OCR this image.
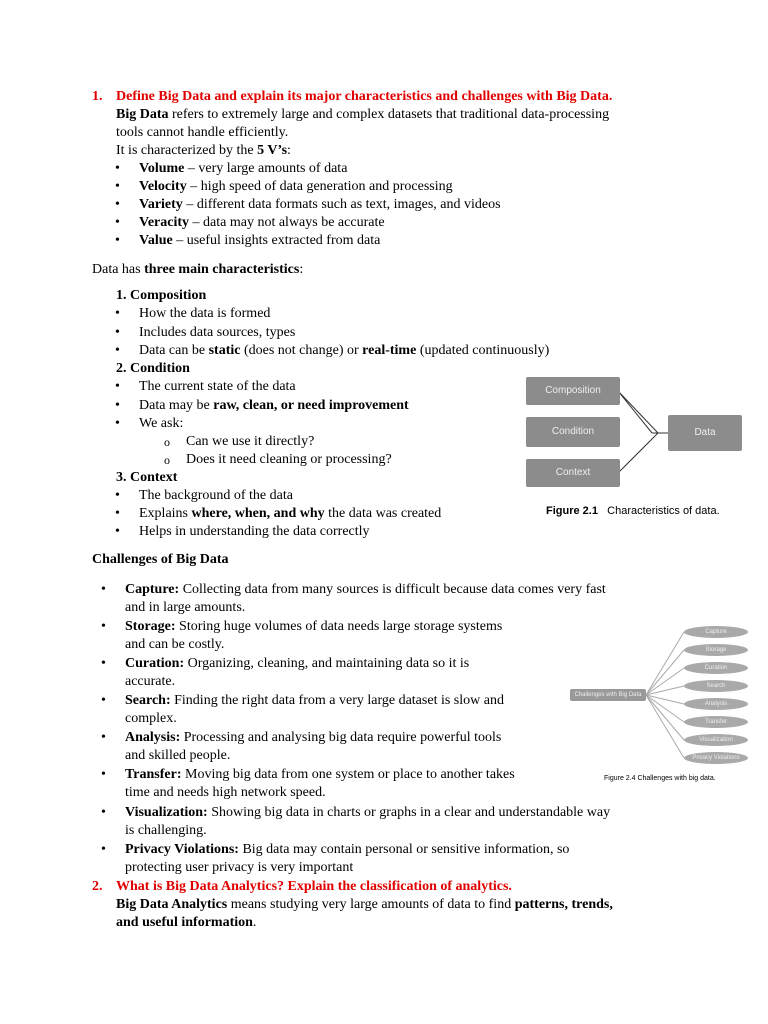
1. Define Big Data and explain its major characteristics and challenges with Big Data.
Big Data refers to extremely large and complex datasets that traditional data-processing
tools cannot handle efficiently.
It is characterized by the 5 V’s:
• Volume – very large amounts of data
• Velocity – high speed of data generation and processing
• Variety – different data formats such as text, images, and videos
• Veracity – data may not always be accurate
• Value – useful insights extracted from data
Data has three main characteristics:
1. Composition
• How the data is formed
• Includes data sources, types
• Data can be static (does not change) or real-time (updated continuously)
2. Condition
• The current state of the data
• Data may be raw, clean, or need improvement
• We ask:
o Can we use it directly?
o Does it need cleaning or processing?
3. Context
• The background of the data
• Explains where, when, and why the data was created
• Helps in understanding the data correctly
Composition
Condition
Context
Data
Figure 2.1 Characteristics of data.
Challenges of Big Data
• Capture: Collecting data from many sources is difficult because data comes very fast
and in large amounts.
• Storage: Storing huge volumes of data needs large storage systems
and can be costly.
• Curation: Organizing, cleaning, and maintaining data so it is
accurate.
• Search: Finding the right data from a very large dataset is slow and
complex.
• Analysis: Processing and analysing big data require powerful tools
and skilled people.
• Transfer: Moving big data from one system or place to another takes
time and needs high network speed.
• Visualization: Showing big data in charts or graphs in a clear and understandable way
is challenging.
• Privacy Violations: Big data may contain personal or sensitive information, so
protecting user privacy is very important
Challenges with Big Data
Capture
Storage
Curation
Search
Analysis
Transfer
Visualization
Privacy Violations
Figure 2.4 Challenges with big data.
2. What is Big Data Analytics? Explain the classification of analytics.
Big Data Analytics means studying very large amounts of data to find patterns, trends,
and useful information.
